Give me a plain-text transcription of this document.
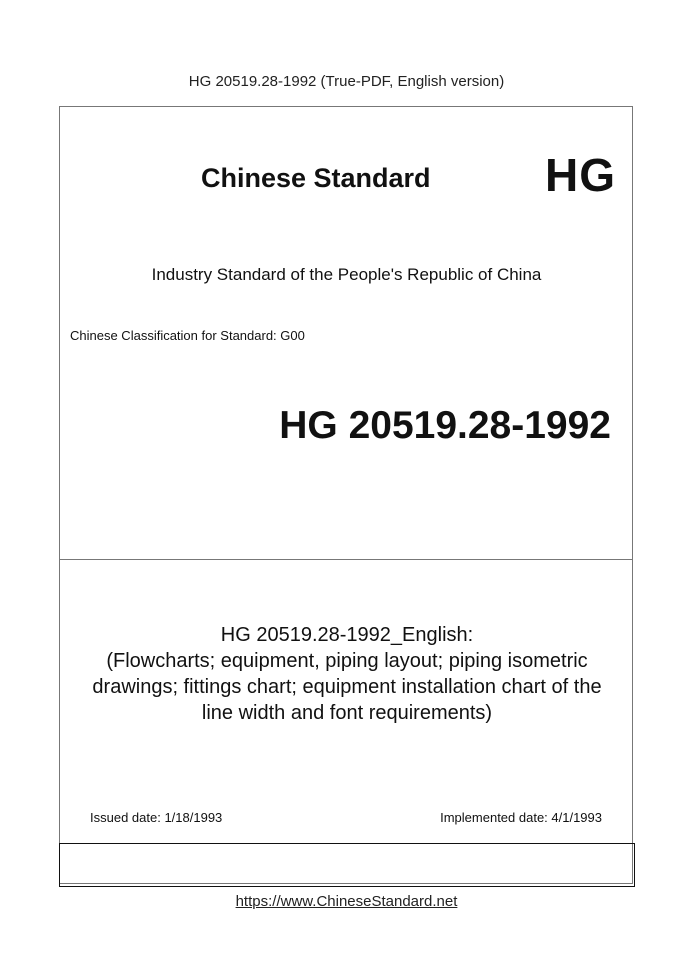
HG 20519.28-1992 (True-PDF, English version)
Chinese Standard HG
Industry Standard of the People's Republic of China
Chinese Classification for Standard: G00
HG 20519.28-1992
HG 20519.28-1992_English:
(Flowcharts; equipment, piping layout; piping isometric
drawings; fittings chart; equipment installation chart of the
line width and font requirements)
Issued date: 1/18/1993	Implemented date: 4/1/1993
https://www.ChineseStandard.net
